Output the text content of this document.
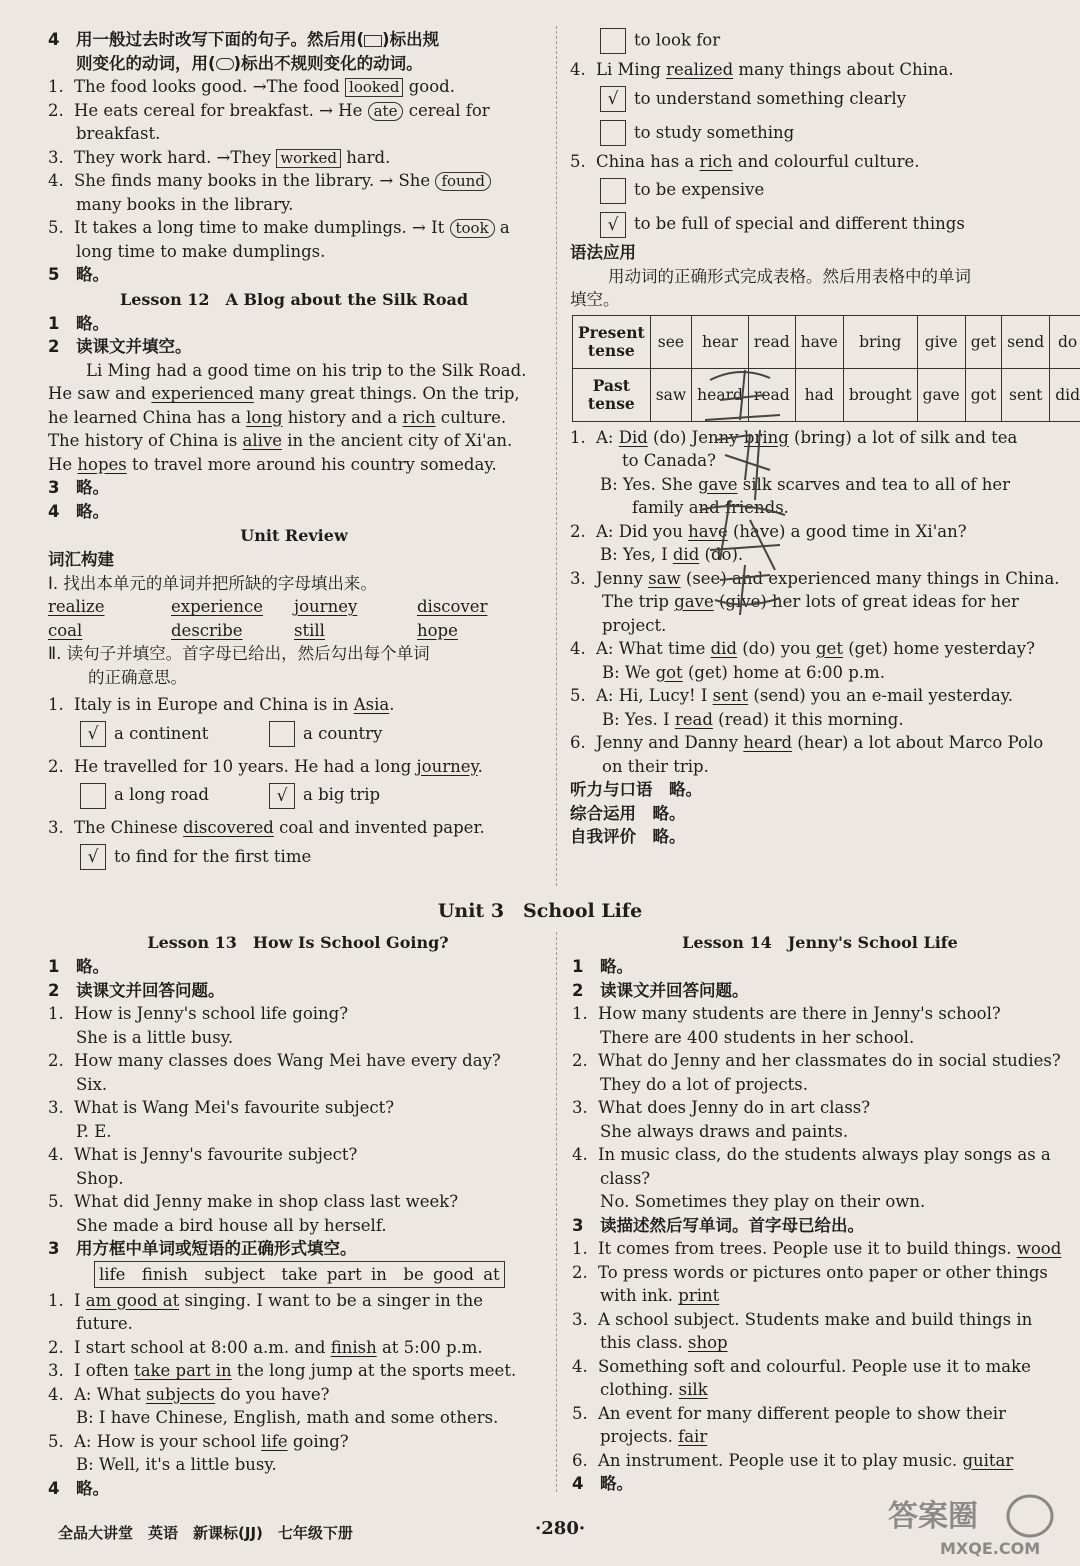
4　用一般过去时改写下面的句子。然后用( )标出规
则变化的动词，用( )标出不规则变化的动词。
1. The food looks good. →The food looked good.
2. He eats cereal for breakfast. → He ate cereal for
breakfast.
3. They work hard. →They worked hard.
4. She finds many books in the library. → She found
many books in the library.
5. It takes a long time to make dumplings. → It took a
long time to make dumplings.
5　略。
Lesson 12　A Blog about the Silk Road
1　略。
2　读课文并填空。
Li Ming had a good time on his trip to the Silk Road.
He saw and experienced many great things. On the trip,
he learned China has a long history and a rich culture.
The history of China is alive in the ancient city of Xi'an.
He hopes to travel more around his country someday.
3　略。
4　略。
Unit Review
词汇构建
Ⅰ. 找出本单元的单词并把所缺的字母填出来。
realize	experience	journey	discover
coal	describe	still	hope
Ⅱ. 读句子并填空。首字母已给出，然后勾出每个单词
的正确意思。
1. Italy is in Europe and China is in Asia.
√ a continent	a country
2. He travelled for 10 years. He had a long journey.
a long road	√ a big trip
3. The Chinese discovered coal and invented paper.
√ to find for the first time
to look for
4. Li Ming realized many things about China.
√ to understand something clearly
to study something
5. China has a rich and colourful culture.
to be expensive
√ to be full of special and different things
语法应用
用动词的正确形式完成表格。然后用表格中的单词
填空。
Present
tense	see	hear	read	have	bring	give	get	send	do
Past
tense	saw	heard	read	had	brought	gave	got	sent	did
1. A: Did (do) Jenny bring (bring) a lot of silk and tea
to Canada?
B: Yes. She gave silk scarves and tea to all of her
family and friends.
2. A: Did you have (have) a good time in Xi'an?
B: Yes, I did (do).
3. Jenny saw (see) and experienced many things in China.
The trip gave (give) her lots of great ideas for her
project.
4. A: What time did (do) you get (get) home yesterday?
B: We got (get) home at 6:00 p.m.
5. A: Hi, Lucy! I sent (send) you an e-mail yesterday.
B: Yes. I read (read) it this morning.
6. Jenny and Danny heard (hear) a lot about Marco Polo
on their trip.
听力与口语　略。
综合运用　略。
自我评价　略。
Unit 3　School Life
Lesson 13　How Is School Going?
1　略。
2　读课文并回答问题。
1. How is Jenny's school life going?
She is a little busy.
2. How many classes does Wang Mei have every day?
Six.
3. What is Wang Mei's favourite subject?
P. E.
4. What is Jenny's favourite subject?
Shop.
5. What did Jenny make in shop class last week?
She made a bird house all by herself.
3　用方框中单词或短语的正确形式填空。
life　finish　subject　take part in　be good at
1. I am good at singing. I want to be a singer in the
future.
2. I start school at 8:00 a.m. and finish at 5:00 p.m.
3. I often take part in the long jump at the sports meet.
4. A: What subjects do you have?
B: I have Chinese, English, math and some others.
5. A: How is your school life going?
B: Well, it's a little busy.
4　略。
Lesson 14　Jenny's School Life
1　略。
2　读课文并回答问题。
1. How many students are there in Jenny's school?
There are 400 students in her school.
2. What do Jenny and her classmates do in social studies?
They do a lot of projects.
3. What does Jenny do in art class?
She always draws and paints.
4. In music class, do the students always play songs as a
class?
No. Sometimes they play on their own.
3　读描述然后写单词。首字母已给出。
1. It comes from trees. People use it to build things. wood
2. To press words or pictures onto paper or other things
with ink. print
3. A school subject. Students make and build things in
this class. shop
4. Something soft and colourful. People use it to make
clothing. silk
5. An event for many different people to show their
projects. fair
6. An instrument. People use it to play music. guitar
4　略。
全品大讲堂　英语　新课标(JJ)　七年级下册	·280·	答案圈
MXQE.COM
